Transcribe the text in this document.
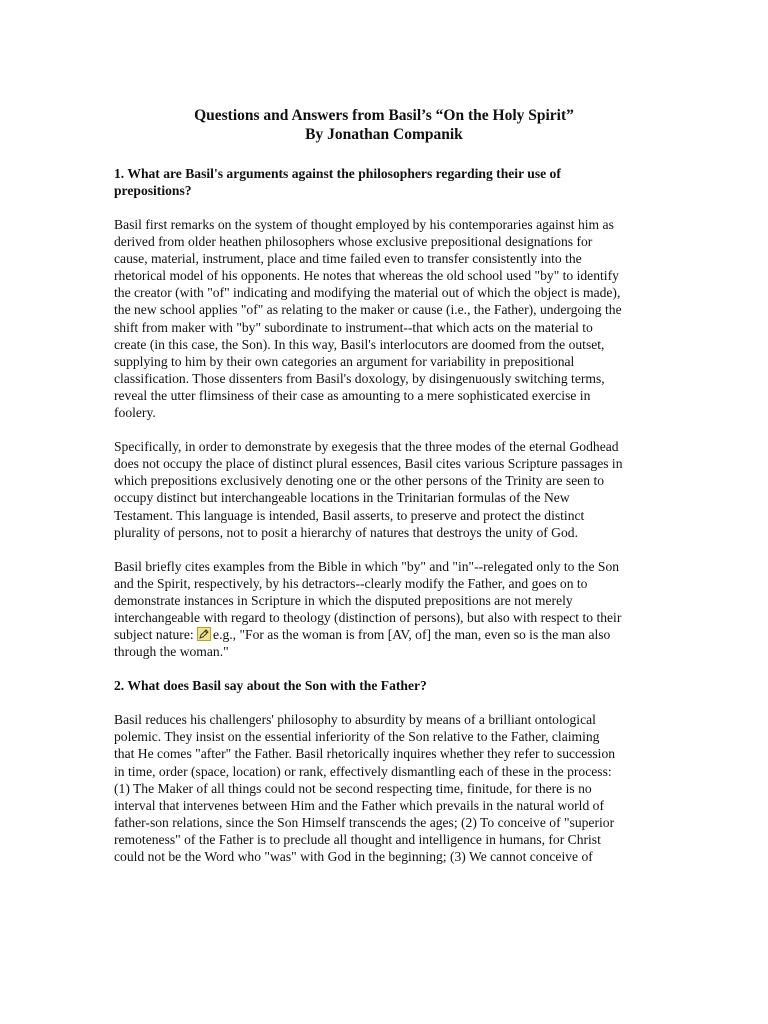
Questions and Answers from Basil’s “On the Holy Spirit”
By Jonathan Companik
1. What are Basil's arguments against the philosophers regarding their use of
prepositions?
Basil first remarks on the system of thought employed by his contemporaries against him as
derived from older heathen philosophers whose exclusive prepositional designations for
cause, material, instrument, place and time failed even to transfer consistently into the
rhetorical model of his opponents. He notes that whereas the old school used "by" to identify
the creator (with "of" indicating and modifying the material out of which the object is made),
the new school applies "of" as relating to the maker or cause (i.e., the Father), undergoing the
shift from maker with "by" subordinate to instrument--that which acts on the material to
create (in this case, the Son). In this way, Basil's interlocutors are doomed from the outset,
supplying to him by their own categories an argument for variability in prepositional
classification. Those dissenters from Basil's doxology, by disingenuously switching terms,
reveal the utter flimsiness of their case as amounting to a mere sophisticated exercise in
foolery.
Specifically, in order to demonstrate by exegesis that the three modes of the eternal Godhead
does not occupy the place of distinct plural essences, Basil cites various Scripture passages in
which prepositions exclusively denoting one or the other persons of the Trinity are seen to
occupy distinct but interchangeable locations in the Trinitarian formulas of the New
Testament. This language is intended, Basil asserts, to preserve and protect the distinct
plurality of persons, not to posit a hierarchy of natures that destroys the unity of God.
Basil briefly cites examples from the Bible in which "by" and "in"--relegated only to the Son
and the Spirit, respectively, by his detractors--clearly modify the Father, and goes on to
demonstrate instances in Scripture in which the disputed prepositions are not merely
interchangeable with regard to theology (distinction of persons), but also with respect to their
subject nature:
e.g., "For as the woman is from [AV, of] the man, even so is the man also
through the woman."
2. What does Basil say about the Son with the Father?
Basil reduces his challengers' philosophy to absurdity by means of a brilliant ontological
polemic. They insist on the essential inferiority of the Son relative to the Father, claiming
that He comes "after" the Father. Basil rhetorically inquires whether they refer to succession
in time, order (space, location) or rank, effectively dismantling each of these in the process:
(1) The Maker of all things could not be second respecting time, finitude, for there is no
interval that intervenes between Him and the Father which prevails in the natural world of
father-son relations, since the Son Himself transcends the ages; (2) To conceive of "superior
remoteness" of the Father is to preclude all thought and intelligence in humans, for Christ
could not be the Word who "was" with God in the beginning; (3) We cannot conceive of
